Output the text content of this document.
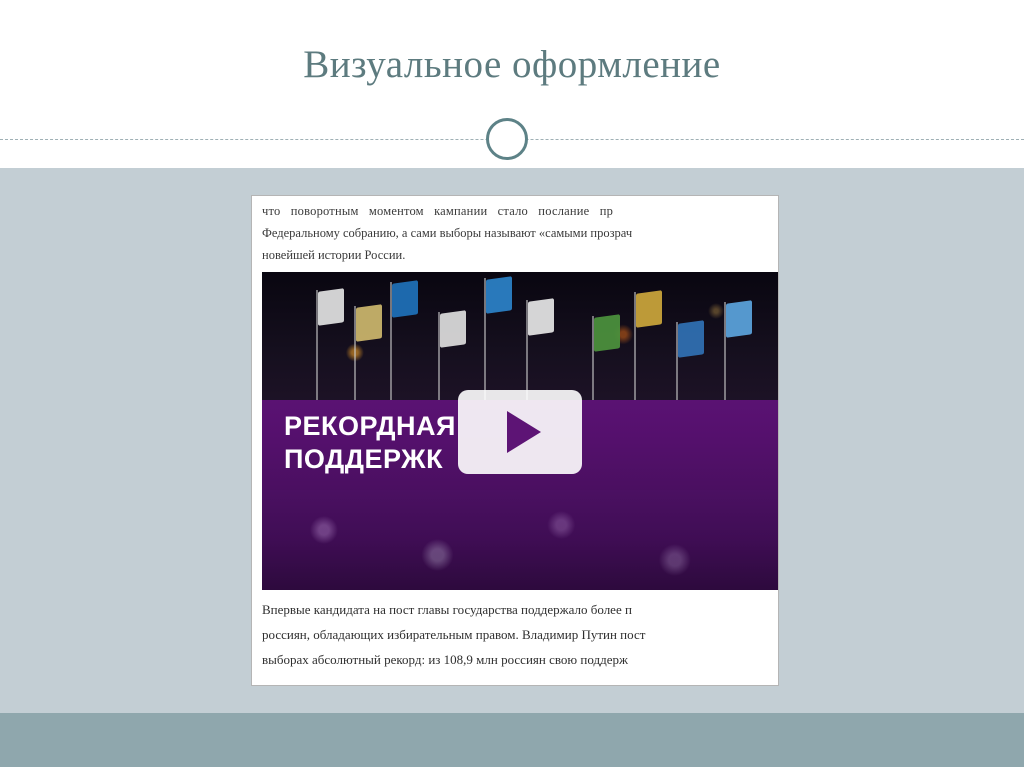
Визуальное оформление

что поворотным моментом кампании стало послание пр

Федеральному собранию, а сами выборы называют «самыми прозрач

новейшей истории России.

РЕКОРДНАЯ
ПОДДЕРЖК

Впервые кандидата на пост главы государства поддержало более п

россиян, обладающих избирательным правом. Владимир Путин пост

выборах абсолютный рекорд: из 108,9 млн россиян свою поддерж
